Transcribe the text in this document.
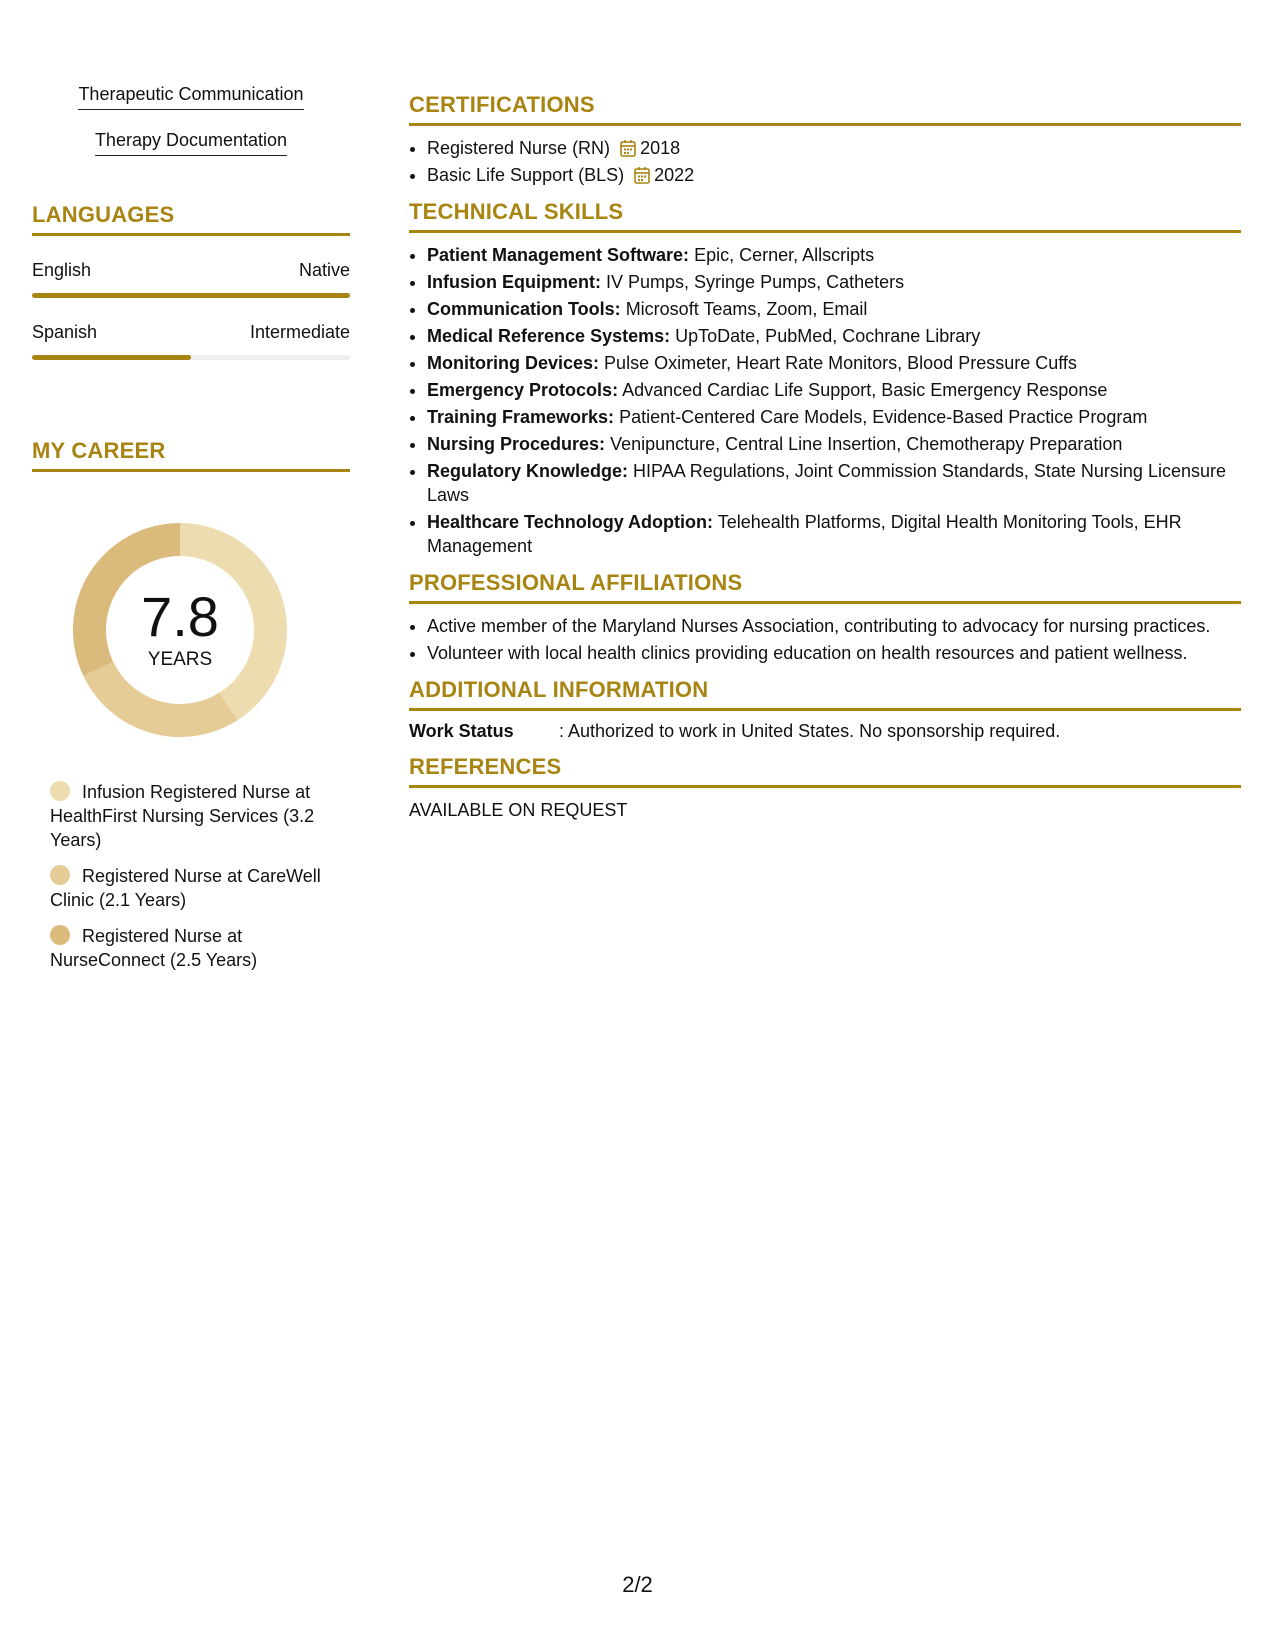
Therapeutic Communication
Therapy Documentation
LANGUAGES
English	Native
Spanish	Intermediate
MY CAREER
7.8
YEARS
Infusion Registered Nurse at HealthFirst Nursing Services (3.2 Years)
Registered Nurse at CareWell Clinic (2.1 Years)
Registered Nurse at NurseConnect (2.5 Years)
CERTIFICATIONS
• Registered Nurse (RN) 2018
• Basic Life Support (BLS) 2022
TECHNICAL SKILLS
• Patient Management Software: Epic, Cerner, Allscripts
• Infusion Equipment: IV Pumps, Syringe Pumps, Catheters
• Communication Tools: Microsoft Teams, Zoom, Email
• Medical Reference Systems: UpToDate, PubMed, Cochrane Library
• Monitoring Devices: Pulse Oximeter, Heart Rate Monitors, Blood Pressure Cuffs
• Emergency Protocols: Advanced Cardiac Life Support, Basic Emergency Response
• Training Frameworks: Patient-Centered Care Models, Evidence-Based Practice Program
• Nursing Procedures: Venipuncture, Central Line Insertion, Chemotherapy Preparation
• Regulatory Knowledge: HIPAA Regulations, Joint Commission Standards, State Nursing Licensure Laws
• Healthcare Technology Adoption: Telehealth Platforms, Digital Health Monitoring Tools, EHR Management
PROFESSIONAL AFFILIATIONS
• Active member of the Maryland Nurses Association, contributing to advocacy for nursing practices.
• Volunteer with local health clinics providing education on health resources and patient wellness.
ADDITIONAL INFORMATION
Work Status	: Authorized to work in United States. No sponsorship required.
REFERENCES
AVAILABLE ON REQUEST
2/2
